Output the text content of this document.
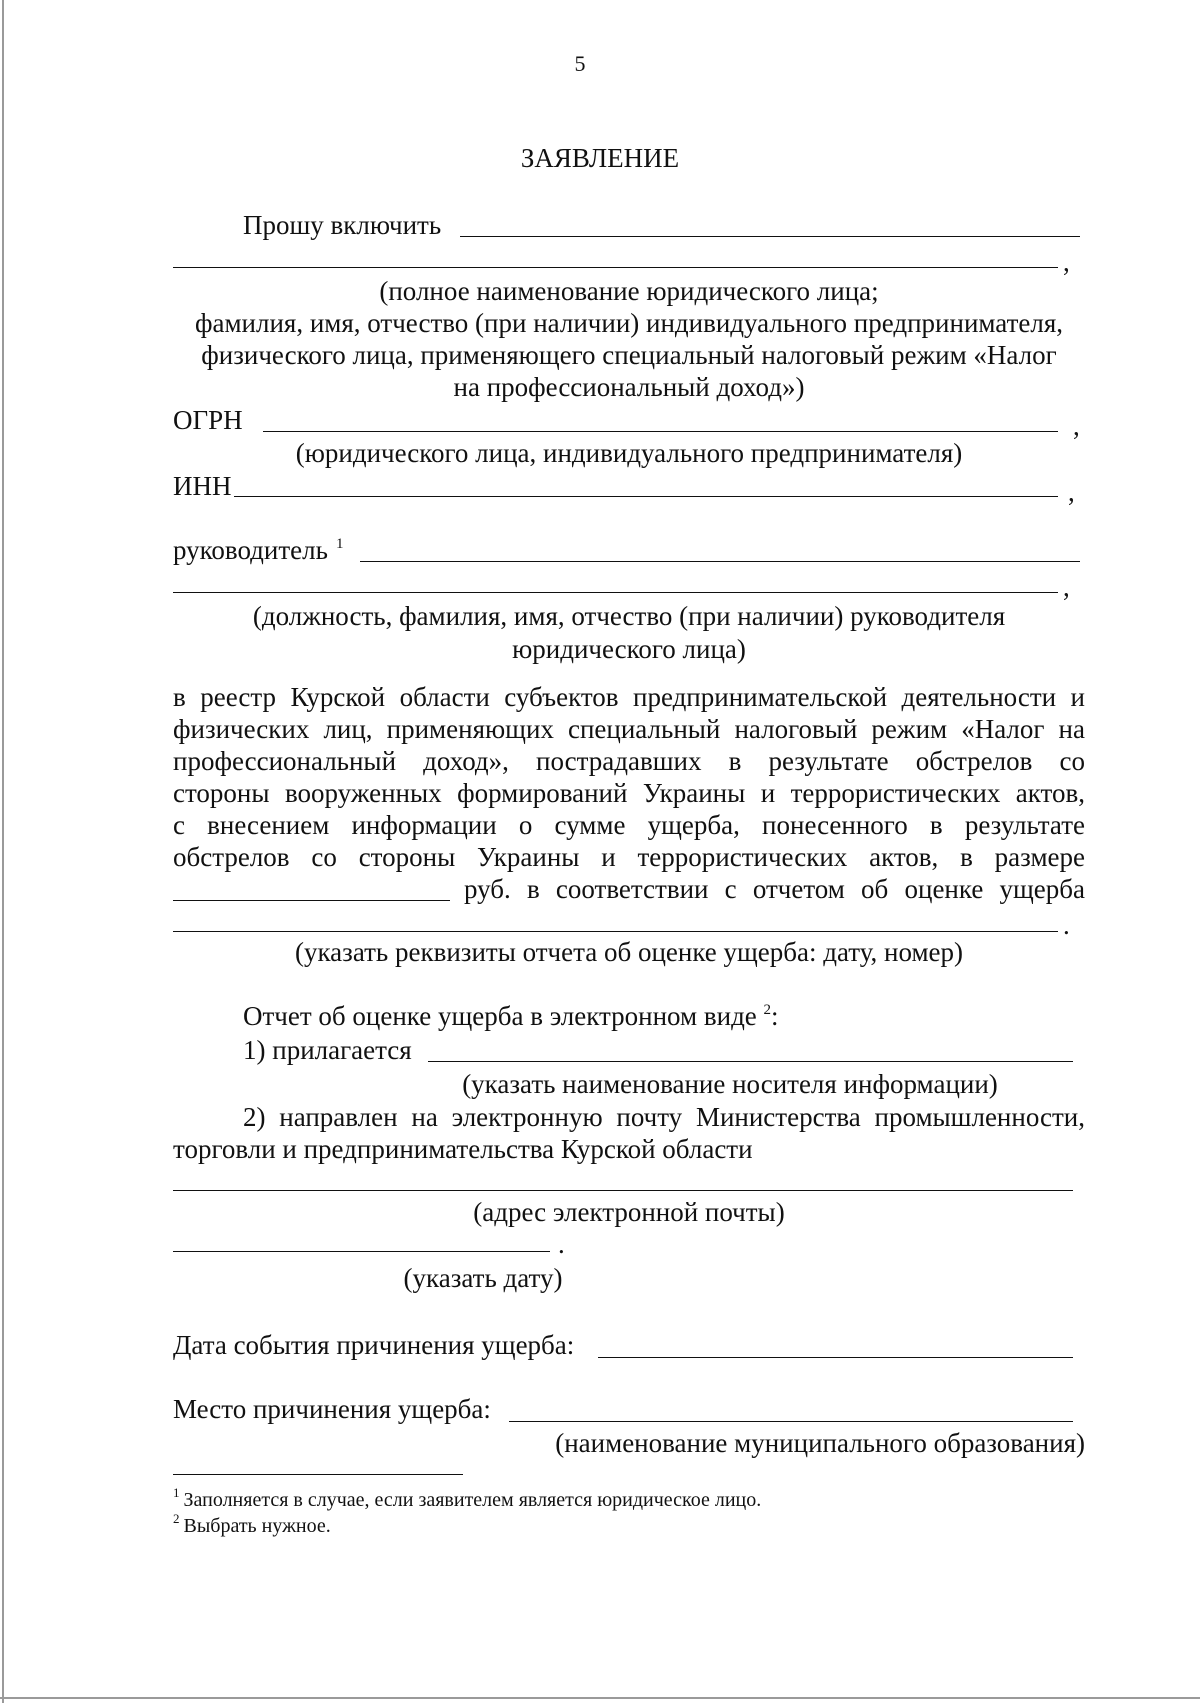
5
ЗАЯВЛЕНИЕ
Прошу включить
,
(полное наименование юридического лица;
фамилия, имя, отчество (при наличии) индивидуального предпринимателя,
физического лица, применяющего специальный налоговый режим «Налог
на профессиональный доход»)
ОГРН	,
(юридического лица, индивидуального предпринимателя)
ИНН	,
руководитель $^1$
,
(должность, фамилия, имя, отчество (при наличии) руководителя
юридического лица)
в реестр Курской области субъектов предпринимательской деятельности и
физических лиц, применяющих специальный налоговый режим «Налог на
профессиональный доход», пострадавших в результате обстрелов со
стороны вооруженных формирований Украины и террористических актов,
с внесением информации о сумме ущерба, понесенного в результате
обстрелов со стороны Украины и террористических актов, в размере
руб. в соответствии с отчетом об оценке ущерба
.
(указать реквизиты отчета об оценке ущерба: дату, номер)
Отчет об оценке ущерба в электронном виде $^2$:
1) прилагается
(указать наименование носителя информации)
2) направлен на электронную почту Министерства промышленности,
торговли и предпринимательства Курской области
(адрес электронной почты)
.
(указать дату)
Дата события причинения ущерба:
Место причинения ущерба:
(наименование муниципального образования)
$^1$ Заполняется в случае, если заявителем является юридическое лицо.
$^2$ Выбрать нужное.
